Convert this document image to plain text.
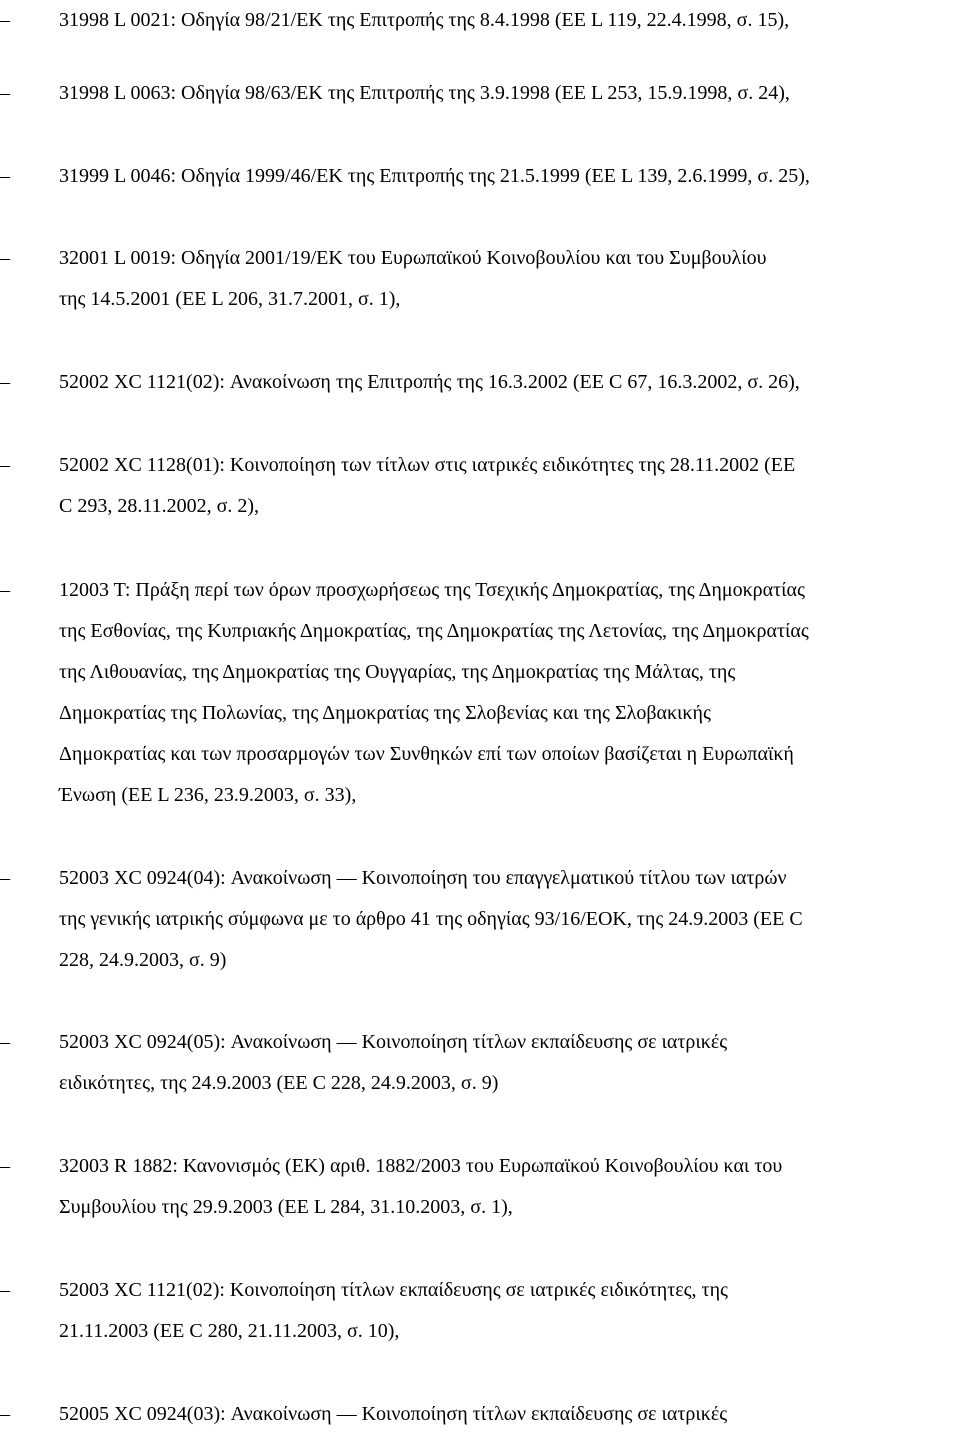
–	31998 L 0021: Οδηγία 98/21/ΕΚ της Επιτροπής της 8.4.1998 (ΕΕ L 119, 22.4.1998, σ. 15),
–	31998 L 0063: Οδηγία 98/63/ΕΚ της Επιτροπής της 3.9.1998 (ΕΕ L 253, 15.9.1998, σ. 24),
–	31999 L 0046: Οδηγία 1999/46/ΕΚ της Επιτροπής της 21.5.1999 (ΕΕ L 139, 2.6.1999, σ. 25),
–	32001 L 0019: Οδηγία 2001/19/ΕΚ του Ευρωπαϊκού Κοινοβουλίου και του Συμβουλίου
της 14.5.2001 (ΕΕ L 206, 31.7.2001, σ. 1),
–	52002 XC 1121(02): Ανακοίνωση της Επιτροπής της 16.3.2002 (ΕΕ C 67, 16.3.2002, σ. 26),
–	52002 XC 1128(01): Κοινοποίηση των τίτλων στις ιατρικές ειδικότητες της 28.11.2002 (ΕΕ
C 293, 28.11.2002, σ. 2),
–	12003 T: Πράξη περί των όρων προσχωρήσεως της Τσεχικής Δημοκρατίας, της Δημοκρατίας
της Εσθονίας, της Κυπριακής Δημοκρατίας, της Δημοκρατίας της Λετονίας, της Δημοκρατίας
της Λιθουανίας, της Δημοκρατίας της Ουγγαρίας, της Δημοκρατίας της Μάλτας, της
Δημοκρατίας της Πολωνίας, της Δημοκρατίας της Σλοβενίας και της Σλοβακικής
Δημοκρατίας και των προσαρμογών των Συνθηκών επί των οποίων βασίζεται η Ευρωπαϊκή
Ένωση (ΕΕ L 236, 23.9.2003, σ. 33),
–	52003 XC 0924(04): Ανακοίνωση — Κοινοποίηση του επαγγελματικού τίτλου των ιατρών
της γενικής ιατρικής σύμφωνα με το άρθρο 41 της οδηγίας 93/16/ΕΟΚ, της 24.9.2003 (ΕΕ C
228, 24.9.2003, σ. 9)
–	52003 XC 0924(05): Ανακοίνωση — Κοινοποίηση τίτλων εκπαίδευσης σε ιατρικές
ειδικότητες, της 24.9.2003 (ΕΕ C 228, 24.9.2003, σ. 9)
–	32003 R 1882: Κανονισμός (ΕΚ) αριθ. 1882/2003 του Ευρωπαϊκού Κοινοβουλίου και του
Συμβουλίου της 29.9.2003 (ΕΕ L 284, 31.10.2003, σ. 1),
–	52003 XC 1121(02): Κοινοποίηση τίτλων εκπαίδευσης σε ιατρικές ειδικότητες, της
21.11.2003 (ΕΕ C 280, 21.11.2003, σ. 10),
–	52005 XC 0924(03): Ανακοίνωση — Κοινοποίηση τίτλων εκπαίδευσης σε ιατρικές
